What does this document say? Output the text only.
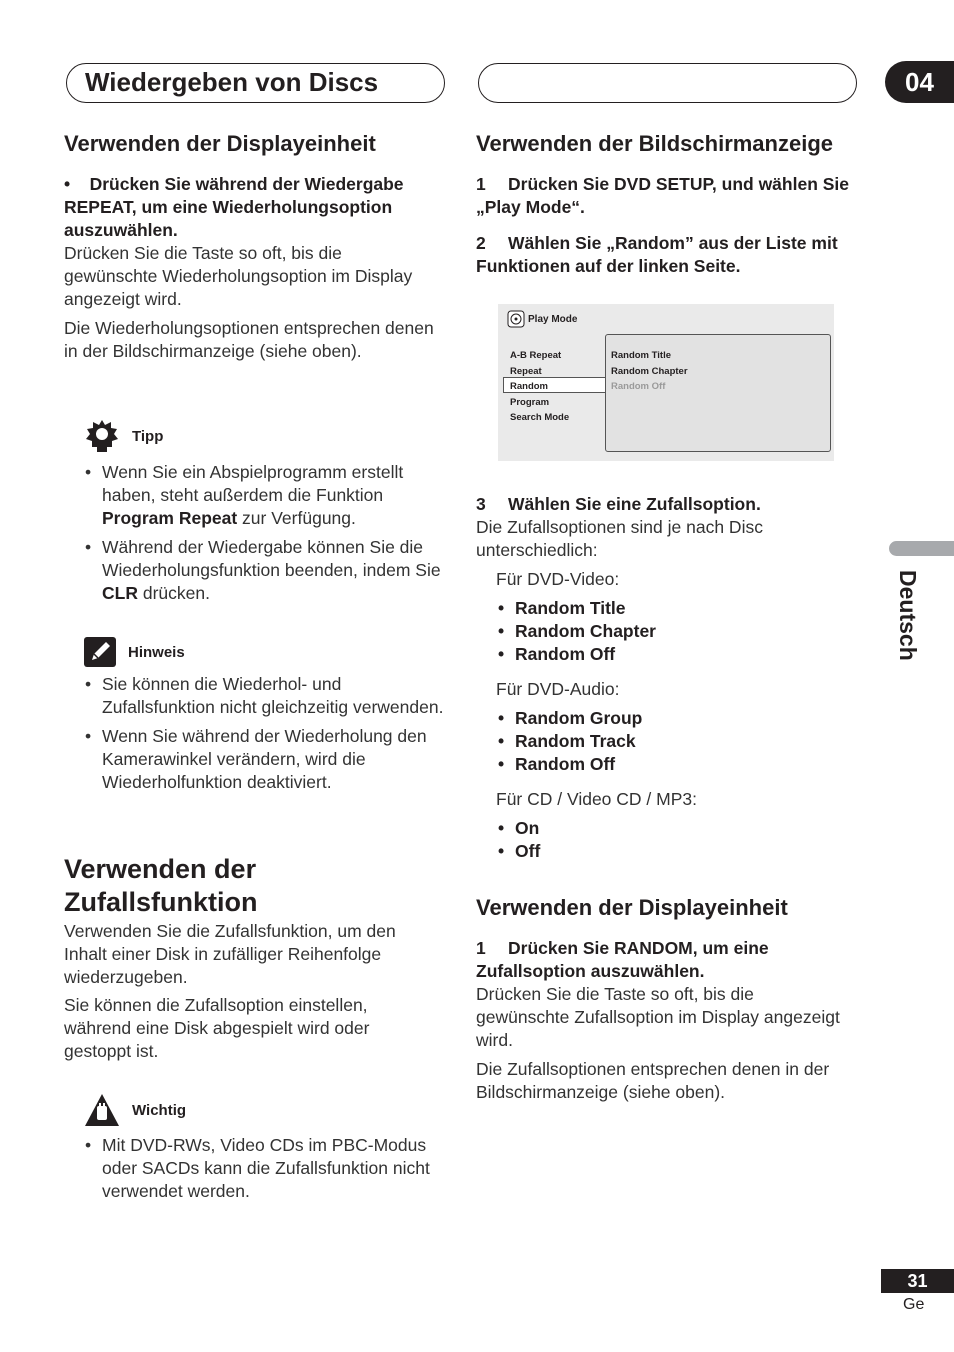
Wiedergeben von Discs	04
Deutsch
Verwenden der Displayeinheit
•    Drücken Sie während der Wiedergabe REPEAT, um eine Wiederholungsoption auszuwählen.
Drücken Sie die Taste so oft, bis die gewünschte Wiederholungsoption im Display angezeigt wird.
Die Wiederholungsoptionen entsprechen denen in der Bildschirmanzeige (siehe oben).
Tipp
• Wenn Sie ein Abspielprogramm erstellt haben, steht außerdem die Funktion Program Repeat zur Verfügung.
• Während der Wiedergabe können Sie die Wiederholungsfunktion beenden, indem Sie CLR drücken.
Hinweis
• Sie können die Wiederhol- und Zufallsfunktion nicht gleichzeitig verwenden.
• Wenn Sie während der Wiederholung den Kamerawinkel verändern, wird die Wiederholfunktion deaktiviert.
Verwenden der
Zufallsfunktion
Verwenden Sie die Zufallsfunktion, um den Inhalt einer Disk in zufälliger Reihenfolge wiederzugeben.
Sie können die Zufallsoption einstellen, während eine Disk abgespielt wird oder gestoppt ist.
Wichtig
• Mit DVD-RWs, Video CDs im PBC-Modus oder SACDs kann die Zufallsfunktion nicht verwendet werden.
Verwenden der Bildschirmanzeige
1 Drücken Sie DVD SETUP, und wählen Sie „Play Mode“.
2 Wählen Sie „Random” aus der Liste mit Funktionen auf der linken Seite.
Play Mode
A-B Repeat
Repeat
Random
Program
Search Mode
Random Title
Random Chapter
Random Off
3 Wählen Sie eine Zufallsoption.
Die Zufallsoptionen sind je nach Disc unterschiedlich:
Für DVD-Video:
• Random Title
• Random Chapter
• Random Off
Für DVD-Audio:
• Random Group
• Random Track
• Random Off
Für CD / Video CD / MP3:
• On
• Off
Verwenden der Displayeinheit
1 Drücken Sie RANDOM, um eine Zufallsoption auszuwählen.
Drücken Sie die Taste so oft, bis die gewünschte Zufallsoption im Display angezeigt wird.
Die Zufallsoptionen entsprechen denen in der Bildschirmanzeige (siehe oben).
31
Ge
